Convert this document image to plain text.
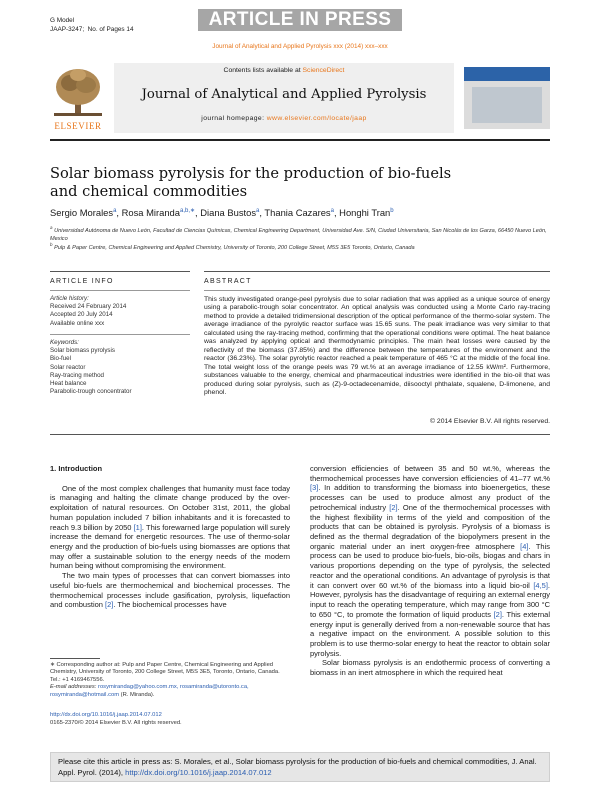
G Model
JAAP-3247; No. of Pages 14	ARTICLE IN PRESS
Journal of Analytical and Applied Pyrolysis xxx (2014) xxx–xxx
ELSEVIER
Contents lists available at ScienceDirect
Journal of Analytical and Applied Pyrolysis
journal homepage: www.elsevier.com/locate/jaap
Solar biomass pyrolysis for the production of bio-fuels and chemical commodities
Sergio Morales$^a$, Rosa Miranda$^{a,b,∗}$, Diana Bustos$^a$, Thania Cazares$^a$, Honghi Tran$^b$
$^a$ Universidad Autónoma de Nuevo León, Facultad de Ciencias Químicas, Chemical Engineering Department, Universidad Ave. S/N, Ciudad Universitaria, San Nicolás de los Garza, 66450 Nuevo León, Mexico
$^b$ Pulp & Paper Centre, Chemical Engineering and Applied Chemistry, University of Toronto, 200 College Street, M5S 3E5 Toronto, Ontario, Canada
ARTICLE INFO	ABSTRACT
Article history:
Received 24 February 2014
Accepted 20 July 2014
Available online xxx
Keywords:
Solar biomass pyrolysis
Bio-fuel
Solar reactor
Ray-tracing method
Heat balance
Parabolic-trough concentrator
This study investigated orange-peel pyrolysis due to solar radiation that was applied as a unique source of energy using a parabolic-trough solar concentrator. An optical analysis was conducted using a Monte Carlo ray-tracing method to provide a detailed tridimensional description of the optical performance of the thermo-solar system. The average irradiance of the pyrolytic reactor surface was 15.65 suns. The peak irradiance was very similar to that calculated using the ray-tracing method, confirming that the operational conditions were optimal. The heat balance was analyzed by applying optical and thermodynamic principles. The main heat losses were caused by the reflectivity of the biomass (37.85%) and the difference between the temperatures of the environment and the reactor (36.23%). The solar pyrolytic reactor reached a peak temperature of 465 °C at the middle of the focal line. The total weight loss of the orange peels was 79 wt.% at an average irradiance of 12.55 kW/m². Furthermore, substances valuable to the energy, chemical and pharmaceutical industries were identified in the bio-oil that was produced during solar pyrolysis, such as (Z)-9-octadecenamide, diisooctyl phthalate, squalene, D-limonene, and phenol.
© 2014 Elsevier B.V. All rights reserved.
1. Introduction

One of the most complex challenges that humanity must face today is managing and halting the climate change produced by the over-exploitation of natural resources. On October 31st, 2011, the global human population included 7 billion inhabitants and it is forecasted to reach 9.3 billion by 2050 [1]. This forewarned large population will surely increase the demand for energetic resources. The use of thermo-solar energy and the production of bio-fuels using biomasses are options that may offer a sustainable solution to the energy needs of the modern human being without compromising the environment.

The two main types of processes that can convert biomasses into useful bio-fuels are thermochemical and biochemical processes. The thermochemical processes include gasification, pyrolysis, liquefaction and combustion [2]. The biochemical processes have

conversion efficiencies of between 35 and 50 wt.%, whereas the thermochemical processes have conversion efficiencies of 41–77 wt.% [3]. In addition to transforming the biomass into bioenergetics, these processes can be used to produce almost any product of the petrochemical industry [2]. One of the thermochemical processes with the highest flexibility in terms of the yield and composition of the products that can be obtained is pyrolysis. Pyrolysis of a biomass is defined as the thermal degradation of the biopolymers present in the organic material under an inert oxygen-free atmosphere [4]. This process can be used to produce bio-fuels, bio-oils, biogas and chars in various proportions depending on the type of pyrolysis, the selected reactor and the operational conditions. An advantage of pyrolysis is that it can convert over 60 wt.% of the biomass into a liquid bio-oil [4,5]. However, pyrolysis has the disadvantage of requiring an external energy input to reach the operating temperature, which may range from 300 °C to 650 °C, to promote the formation of liquid products [2]. This external energy input is generally derived from a non-renewable source that has a negative impact on the environment. A possible solution to this problem is to use thermo-solar energy to heat the reactor to obtain solar pyrolysis.

Solar biomass pyrolysis is an endothermic process of converting a biomass in an inert atmosphere in which the required heat

∗ Corresponding author at: Pulp and Paper Centre, Chemical Engineering and Applied Chemistry, University of Toronto, 200 College Street, M5S 3E5, Toronto, Ontario, Canada. Tel.: +1 4169467556.
E-mail addresses: rosymirandag@yahoo.com.mx, rosamiranda@utoronto.ca, rosymiranda@hotmail.com (R. Miranda).
http://dx.doi.org/10.1016/j.jaap.2014.07.012
0165-2370/© 2014 Elsevier B.V. All rights reserved.
Please cite this article in press as: S. Morales, et al., Solar biomass pyrolysis for the production of bio-fuels and chemical commodities, J. Anal. Appl. Pyrol. (2014), http://dx.doi.org/10.1016/j.jaap.2014.07.012
